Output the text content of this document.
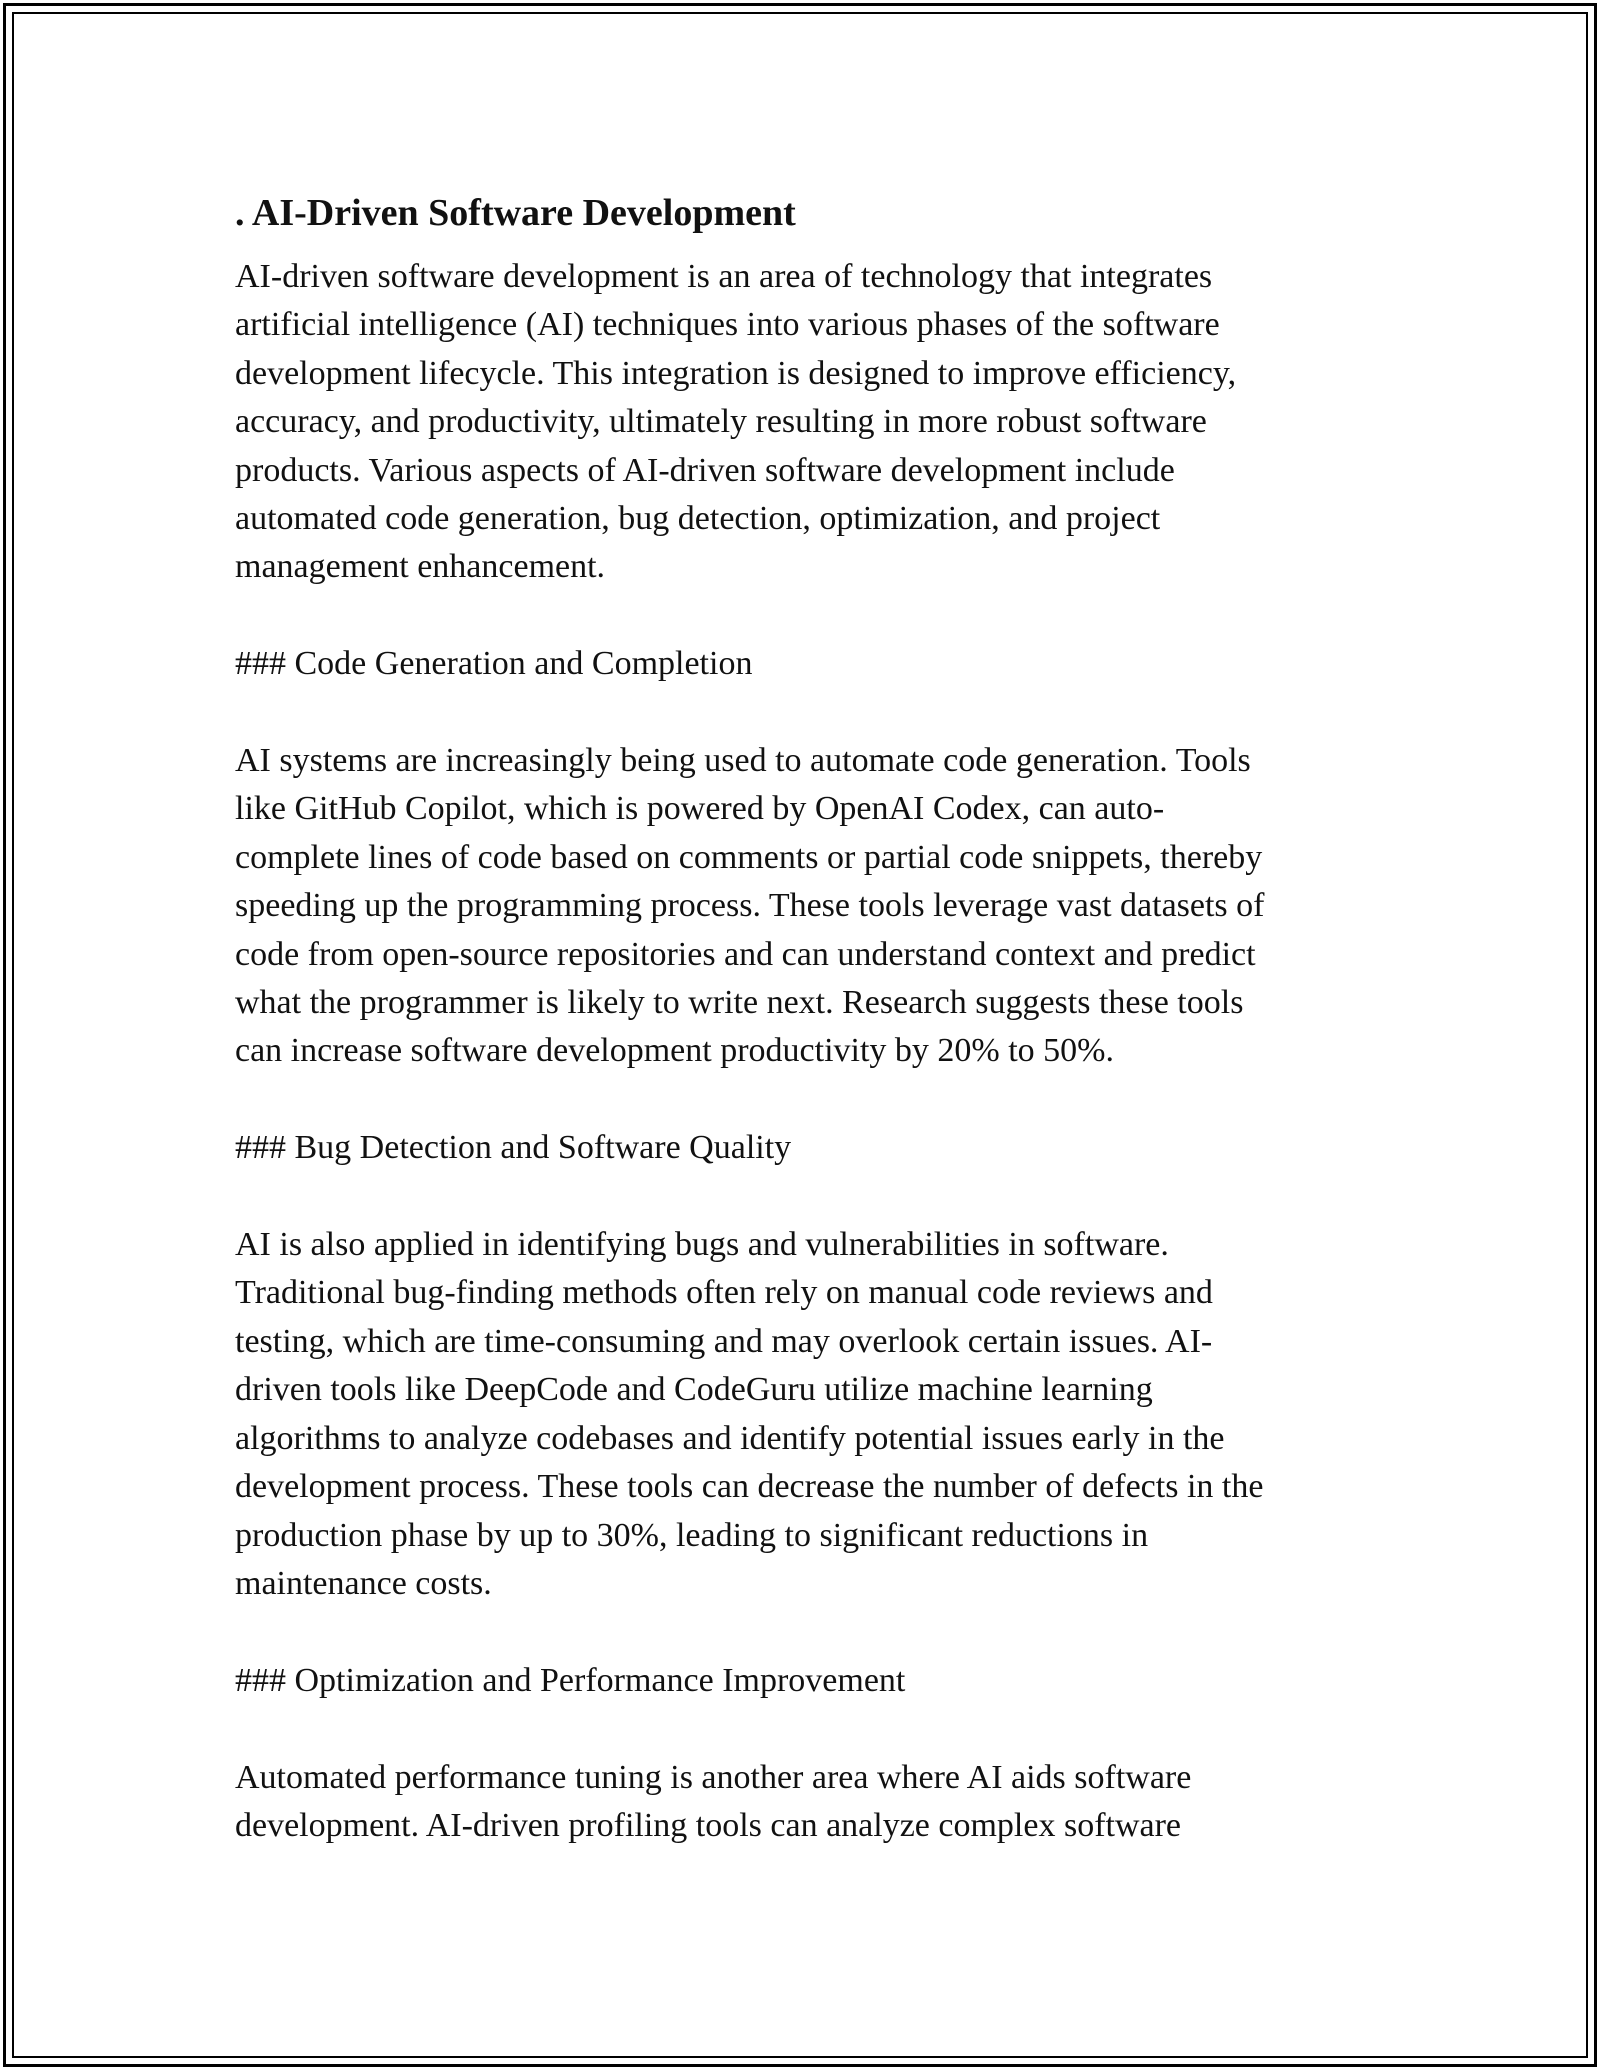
. AI-Driven Software Development

AI-driven software development is an area of technology that integrates
artificial intelligence (AI) techniques into various phases of the software
development lifecycle. This integration is designed to improve efficiency,
accuracy, and productivity, ultimately resulting in more robust software
products. Various aspects of AI-driven software development include
automated code generation, bug detection, optimization, and project
management enhancement.

### Code Generation and Completion

AI systems are increasingly being used to automate code generation. Tools
like GitHub Copilot, which is powered by OpenAI Codex, can auto-
complete lines of code based on comments or partial code snippets, thereby
speeding up the programming process. These tools leverage vast datasets of
code from open-source repositories and can understand context and predict
what the programmer is likely to write next. Research suggests these tools
can increase software development productivity by 20% to 50%.

### Bug Detection and Software Quality

AI is also applied in identifying bugs and vulnerabilities in software.
Traditional bug-finding methods often rely on manual code reviews and
testing, which are time-consuming and may overlook certain issues. AI-
driven tools like DeepCode and CodeGuru utilize machine learning
algorithms to analyze codebases and identify potential issues early in the
development process. These tools can decrease the number of defects in the
production phase by up to 30%, leading to significant reductions in
maintenance costs.

### Optimization and Performance Improvement

Automated performance tuning is another area where AI aids software
development. AI-driven profiling tools can analyze complex software
